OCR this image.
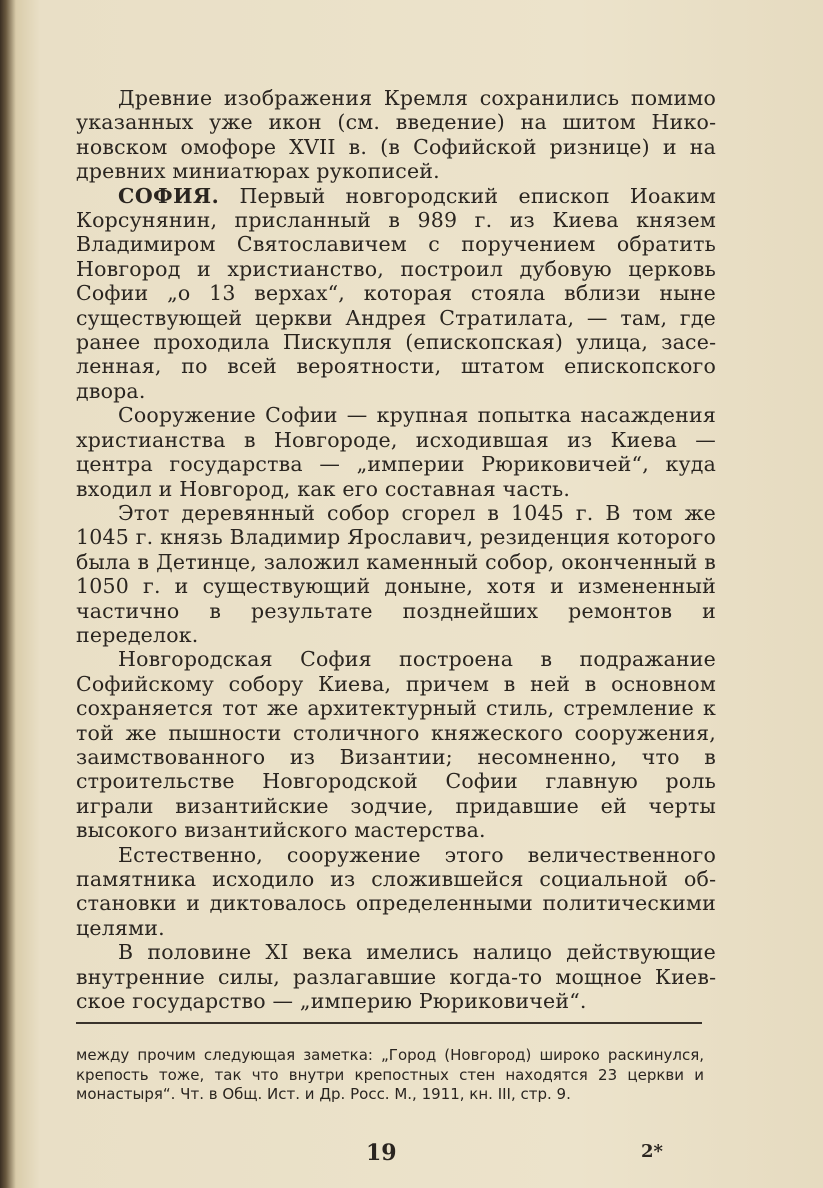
Древние изображения Кремля сохранились помимо указанных уже икон (см. введение) на шитом Никоновском омофоре XVII в. (в Софийской ризнице) и на древних миниатюрах рукописей.

СОФИЯ. Первый новгородский епископ Иоаким Корсунянин, присланный в 989 г. из Киева князем Владимиром Святославичем с поручением обратить Новгород и христианство, построил дубовую церковь Софии „о 13 верхах“, которая стояла вблизи ныне существующей церкви Андрея Стратилата, — там, где ранее проходила Пискупля (епископская) улица, заселенная, по всей вероятности, штатом епископского двора.

Сооружение Софии — крупная попытка насаждения христианства в Новгороде, исходившая из Киева — центра государства — „империи Рюриковичей“, куда входил и Новгород, как его составная часть.

Этот деревянный собор сгорел в 1045 г. В том же 1045 г. князь Владимир Ярославич, резиденция которого была в Детинце, заложил каменный собор, оконченный в 1050 г. и существующий доныне, хотя и измененный частично в результате позднейших ремонтов и переделок.

Новгородская София построена в подражание Софийскому собору Киева, причем в ней в основном сохраняется тот же архитектурный стиль, стремление к той же пышности столичного княжеского сооружения, заимствованного из Византии; несомненно, что в строительстве Новгородской Софии главную роль играли византийские зодчие, придавшие ей черты высокого византийского мастерства.

Естественно, сооружение этого величественного памятника исходило из сложившейся социальной обстановки и диктовалось определенными политическими целями.

В половине XI века имелись налицо действующие внутренние силы, разлагавшие когда-то мощное Киевское государство — „империю Рюриковичей“.

между прочим следующая заметка: „Город (Новгород) широко раскинулся, крепость тоже, так что внутри крепостных стен находятся 23 церкви и монастыря“. Чт. в Общ. Ист. и Др. Росс. М., 1911, кн. III, стр. 9.
19	2*
